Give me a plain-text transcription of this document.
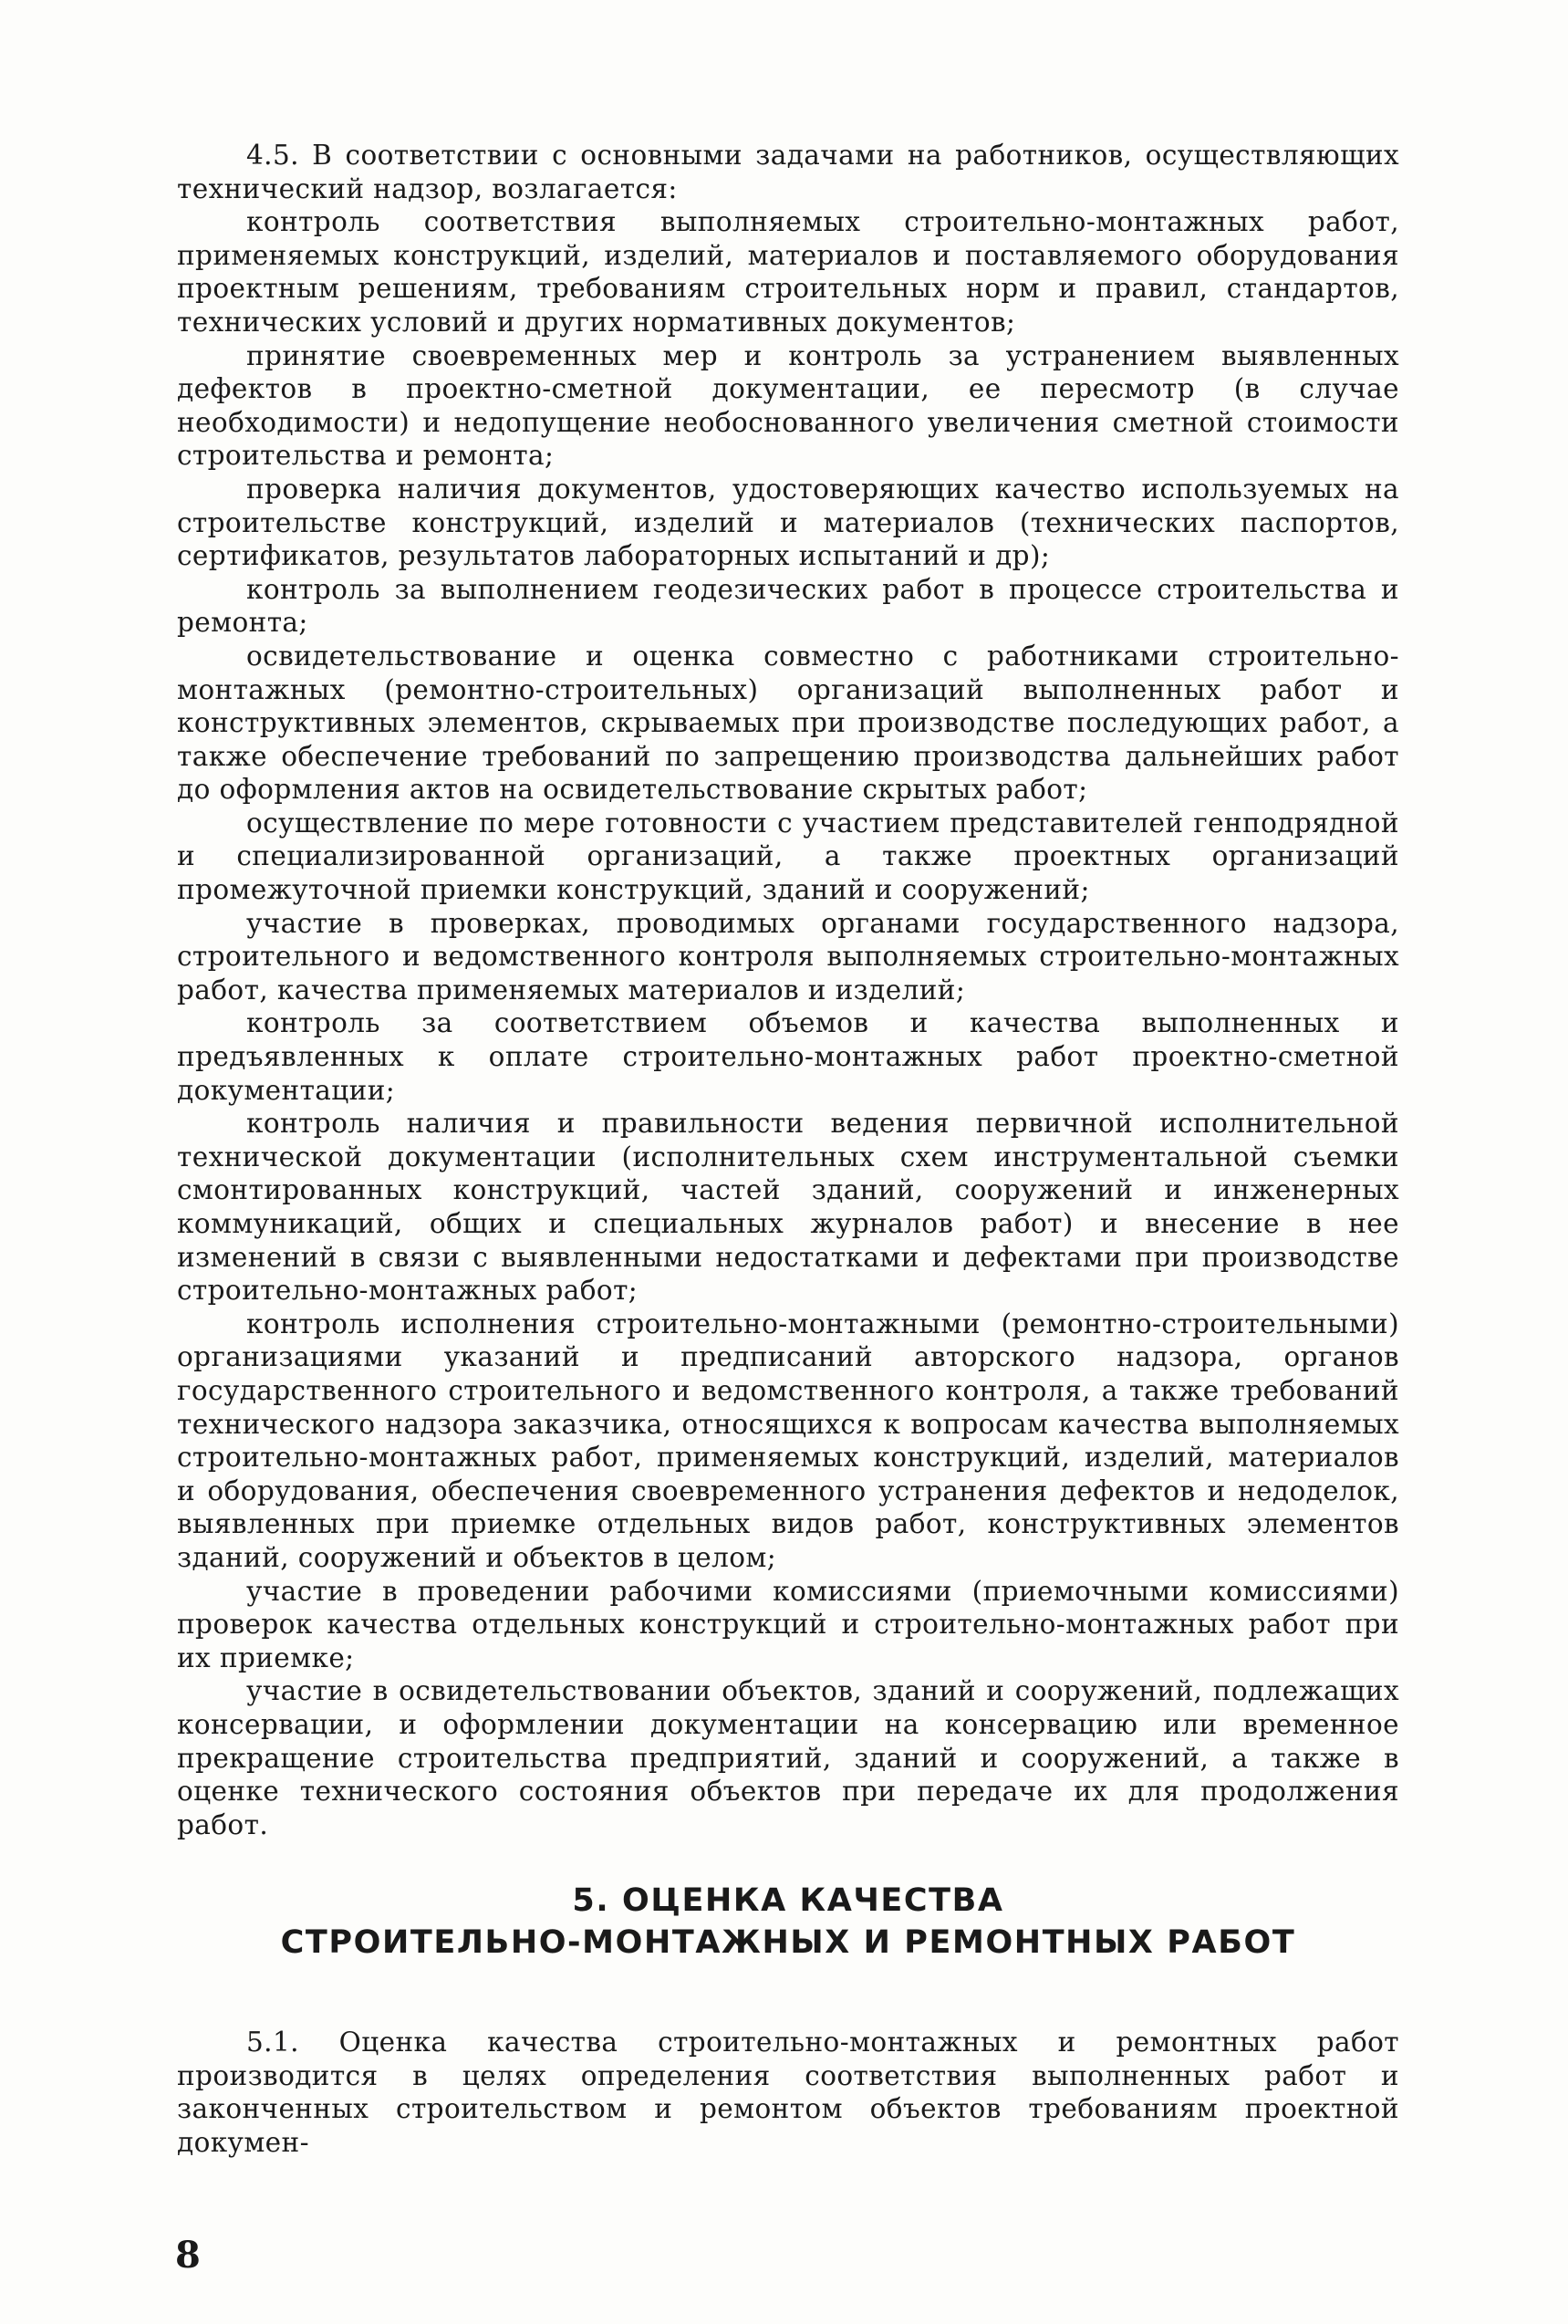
4.5. В соответствии с основными задачами на работников, осуществляющих технический надзор, возлагается:

контроль соответствия выполняемых строительно-монтажных работ, применяемых конструкций, изделий, материалов и поставляемого оборудования проектным решениям, требованиям строительных норм и правил, стандартов, технических условий и других нормативных документов;

принятие своевременных мер и контроль за устранением выявленных дефектов в проектно-сметной документации, ее пересмотр (в случае необходимости) и недопущение необоснованного увеличения сметной стоимости строительства и ремонта;

проверка наличия документов, удостоверяющих качество используемых на строительстве конструкций, изделий и материалов (технических паспортов, сертификатов, результатов лабораторных испытаний и др);

контроль за выполнением геодезических работ в процессе строительства и ремонта;

освидетельствование и оценка совместно с работниками строительно-монтажных (ремонтно-строительных) организаций выполненных работ и конструктивных элементов, скрываемых при производстве последующих работ, а также обеспечение требований по запрещению производства дальнейших работ до оформления актов на освидетельствование скрытых работ;

осуществление по мере готовности с участием представителей генподрядной и специализированной организаций, а также проектных организаций промежуточной приемки конструкций, зданий и сооружений;

участие в проверках, проводимых органами государственного надзора, строительного и ведомственного контроля выполняемых строительно-монтажных работ, качества применяемых материалов и изделий;

контроль за соответствием объемов и качества выполненных и предъявленных к оплате строительно-монтажных работ проектно-сметной документации;

контроль наличия и правильности ведения первичной исполнительной технической документации (исполнительных схем инструментальной съемки смонтированных конструкций, частей зданий, сооружений и инженерных коммуникаций, общих и специальных журналов работ) и внесение в нее изменений в связи с выявленными недостатками и дефектами при производстве строительно-монтажных работ;

контроль исполнения строительно-монтажными (ремонтно-строительными) организациями указаний и предписаний авторского надзора, органов государственного строительного и ведомственного контроля, а также требований технического надзора заказчика, относящихся к вопросам качества выполняемых строительно-монтажных работ, применяемых конструкций, изделий, материалов и оборудования, обеспечения своевременного устранения дефектов и недоделок, выявленных при приемке отдельных видов работ, конструктивных элементов зданий, сооружений и объектов в целом;

участие в проведении рабочими комиссиями (приемочными комиссиями) проверок качества отдельных конструкций и строительно-монтажных работ при их приемке;

участие в освидетельствовании объектов, зданий и сооружений, подлежащих консервации, и оформлении документации на консервацию или временное прекращение строительства предприятий, зданий и сооружений, а также в оценке технического состояния объектов при передаче их для продолжения работ.

5. ОЦЕНКА КАЧЕСТВА
СТРОИТЕЛЬНО-МОНТАЖНЫХ И РЕМОНТНЫХ РАБОТ

5.1. Оценка качества строительно-монтажных и ремонтных работ производится в целях определения соответствия выполненных работ и законченных строительством и ремонтом объектов требованиям проектной докумен-

8
